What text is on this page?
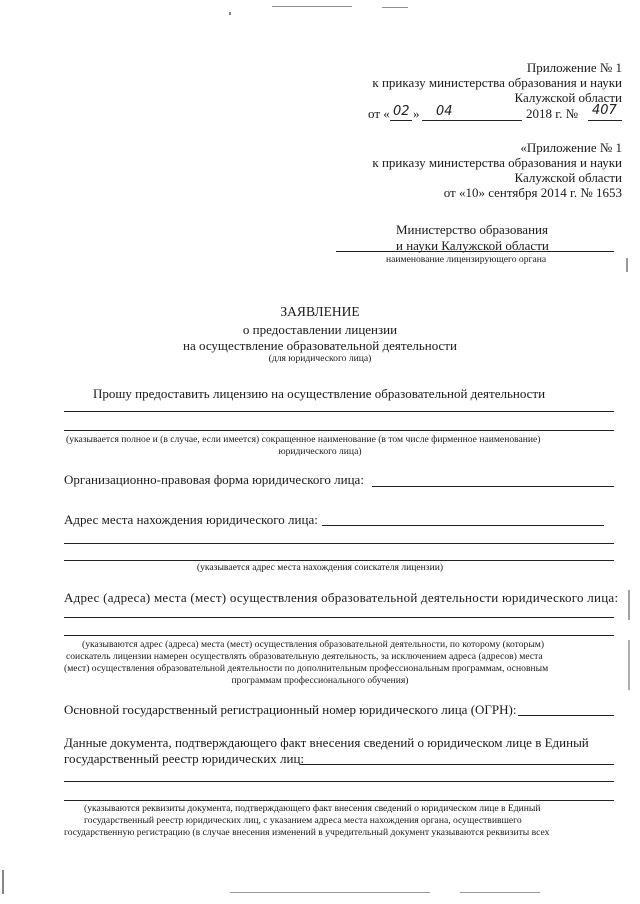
Приложение № 1
к приказу министерства образования и науки
Калужской области
от « 02 » 04	2018 г. № 407
«Приложение № 1
к приказу министерства образования и науки
Калужской области
от «10» сентября 2014 г. № 1653
Министерство образования
и науки Калужской области
наименование лицензирующего органа
ЗАЯВЛЕНИЕ
о предоставлении лицензии
на осуществление образовательной деятельности
(для юридического лица)
Прошу предоставить лицензию на осуществление образовательной деятельности
(указывается полное и (в случае, если имеется) сокращенное наименование (в том числе фирменное наименование)
юридического лица)
Организационно-правовая форма юридического лица:
Адрес места нахождения юридического лица:
(указывается адрес места нахождения соискателя лицензии)
Адрес (адреса) места (мест) осуществления образовательной деятельности юридического лица:
(указываются адрес (адреса) места (мест) осуществления образовательной деятельности, по которому (которым)
соискатель лицензии намерен осуществлять образовательную деятельность, за исключением адреса (адресов) места
(мест) осуществления образовательной деятельности по дополнительным профессиональным программам, основным
программам профессионального обучения)
Основной государственный регистрационный номер юридического лица (ОГРН):
Данные документа, подтверждающего факт внесения сведений о юридическом лице в Единый
государственный реестр юридических лиц:
(указываются реквизиты документа, подтверждающего факт внесения сведений о юридическом лице в Единый
государственный реестр юридических лиц, с указанием адреса места нахождения органа, осуществившего
государственную регистрацию (в случае внесения изменений в учредительный документ указываются реквизиты всех
